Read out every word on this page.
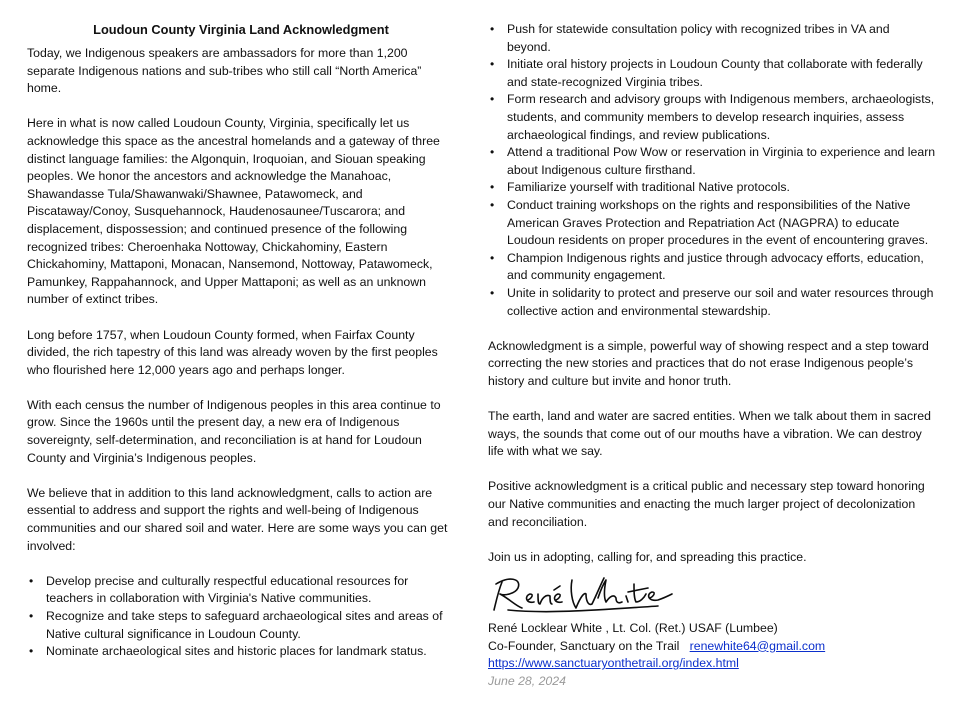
Loudoun County Virginia Land Acknowledgment

Today, we Indigenous speakers are ambassadors for more than 1,200 separate Indigenous nations and sub-tribes who still call “North America” home.

Here in what is now called Loudoun County, Virginia, specifically let us acknowledge this space as the ancestral homelands and a gateway of three distinct language families: the Algonquin, Iroquoian, and Siouan speaking peoples. We honor the ancestors and acknowledge the Manahoac, Shawandasse Tula/Shawanwaki/Shawnee, Patawomeck, and Piscataway/Conoy, Susquehannock, Haudenosaunee/Tuscarora; and displacement, dispossession; and continued presence of the following recognized tribes: Cheroenhaka Nottoway, Chickahominy, Eastern Chickahominy, Mattaponi, Monacan, Nansemond, Nottoway, Patawomeck, Pamunkey, Rappahannock, and Upper Mattaponi; as well as an unknown number of extinct tribes.

Long before 1757, when Loudoun County formed, when Fairfax County divided, the rich tapestry of this land was already woven by the first peoples who flourished here 12,000 years ago and perhaps longer.

With each census the number of Indigenous peoples in this area continue to grow. Since the 1960s until the present day, a new era of Indigenous sovereignty, self-determination, and reconciliation is at hand for Loudoun County and Virginia’s Indigenous peoples.

We believe that in addition to this land acknowledgment, calls to action are essential to address and support the rights and well-being of Indigenous communities and our shared soil and water. Here are some ways you can get involved:

• Develop precise and culturally respectful educational resources for teachers in collaboration with Virginia's Native communities.
• Recognize and take steps to safeguard archaeological sites and areas of Native cultural significance in Loudoun County.
• Nominate archaeological sites and historic places for landmark status.
• Push for statewide consultation policy with recognized tribes in VA and beyond.
• Initiate oral history projects in Loudoun County that collaborate with federally and state-recognized Virginia tribes.
• Form research and advisory groups with Indigenous members, archaeologists, students, and community members to develop research inquiries, assess archaeological findings, and review publications.
• Attend a traditional Pow Wow or reservation in Virginia to experience and learn about Indigenous culture firsthand.
• Familiarize yourself with traditional Native protocols.
• Conduct training workshops on the rights and responsibilities of the Native American Graves Protection and Repatriation Act (NAGPRA) to educate Loudoun residents on proper procedures in the event of encountering graves.
• Champion Indigenous rights and justice through advocacy efforts, education, and community engagement.
• Unite in solidarity to protect and preserve our soil and water resources through collective action and environmental stewardship.

Acknowledgment is a simple, powerful way of showing respect and a step toward correcting the new stories and practices that do not erase Indigenous people’s history and culture but invite and honor truth.

The earth, land and water are sacred entities. When we talk about them in sacred ways, the sounds that come out of our mouths have a vibration. We can destroy life with what we say.

Positive acknowledgment is a critical public and necessary step toward honoring our Native communities and enacting the much larger project of decolonization and reconciliation.

Join us in adopting, calling for, and spreading this practice.

René Locklear White , Lt. Col. (Ret.) USAF (Lumbee)
Co-Founder, Sanctuary on the Trail renewhite64@gmail.com
https://www.sanctuaryonthetrail.org/index.html
June 28, 2024
